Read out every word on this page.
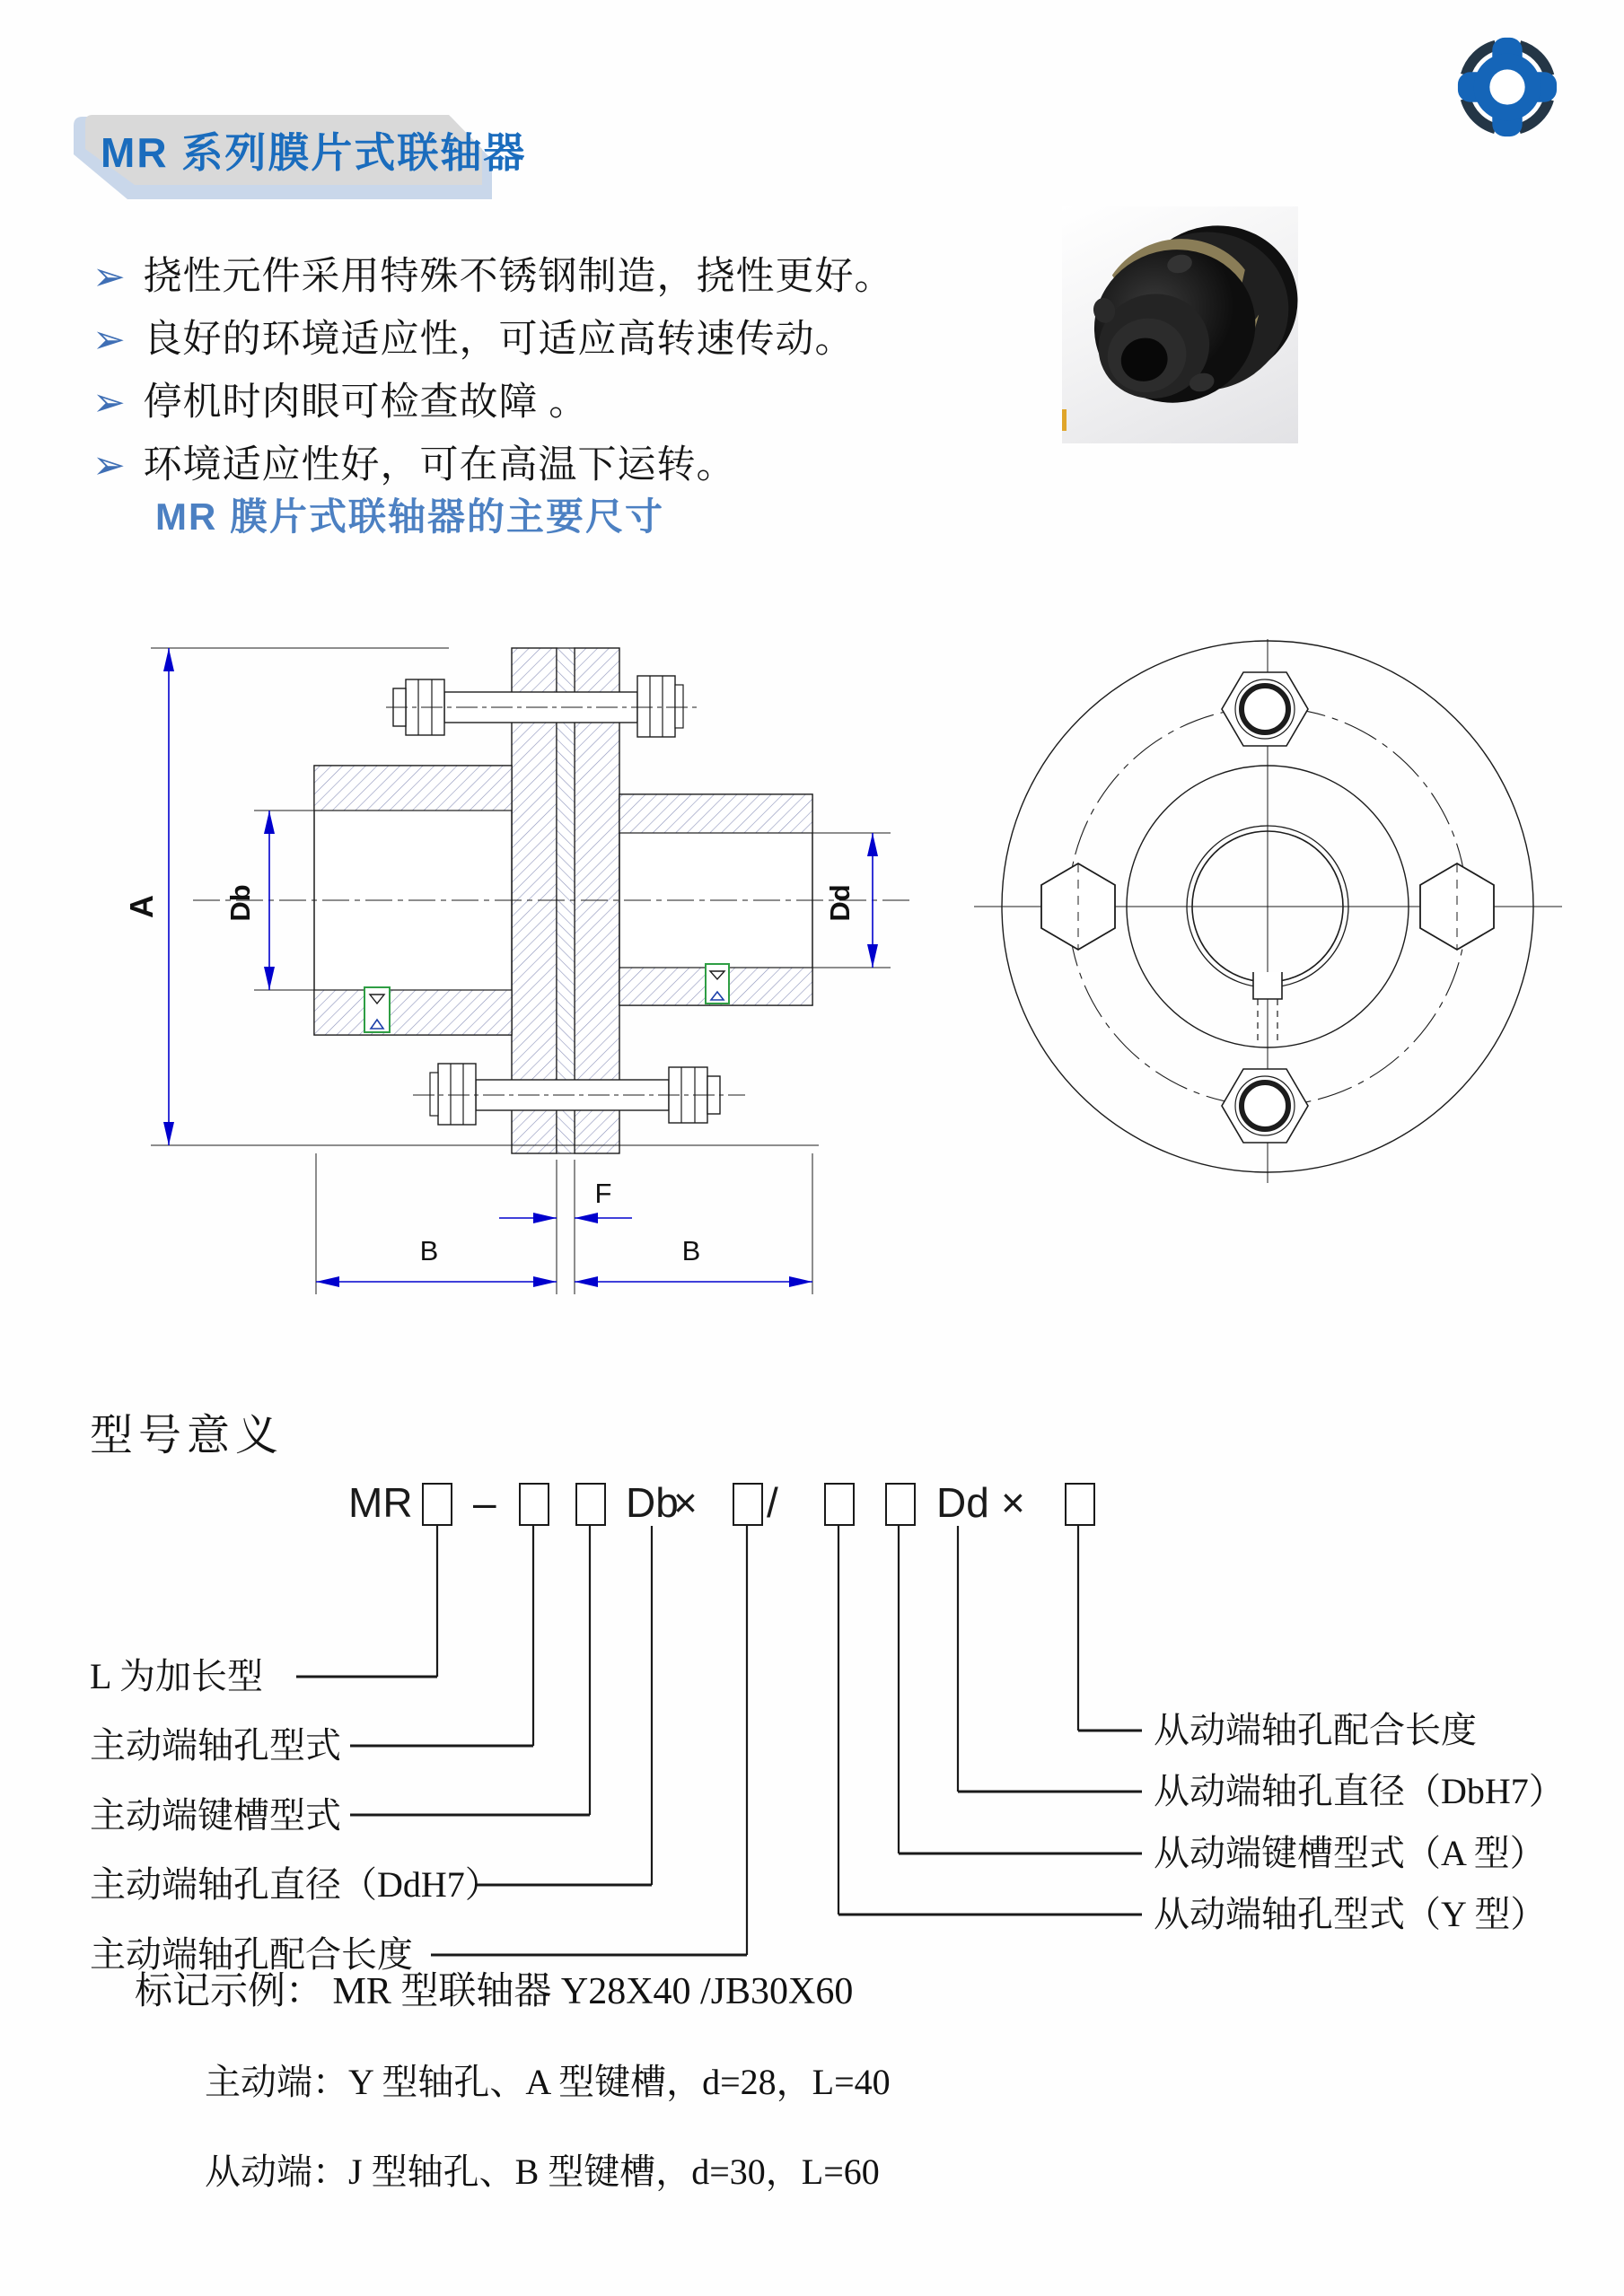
MR 系列膜片式联轴器
➢ 挠性元件采用特殊不锈钢制造，挠性更好。
➢ 良好的环境适应性，可适应高转速传动。
➢ 停机时肉眼可检查故障 。
➢ 环境适应性好，可在高温下运转。
MR 膜片式联轴器的主要尺寸
A Db	Dd
F
B	B
型号意义
MR –	Db
× /	Dd ×
L 为加长型
主动端轴孔型式
主动端键槽型式
主动端轴孔直径（DdH7）
主动端轴孔配合长度
从动端轴孔配合长度
从动端轴孔直径（DbH7）
从动端键槽型式（A 型）
从动端轴孔型式（Y 型）
标记示例： MR 型联轴器 Y28X40 /JB30X60
主动端：Y 型轴孔、A 型键槽，d=28，L=40
从动端：J 型轴孔、B 型键槽，d=30，L=60
